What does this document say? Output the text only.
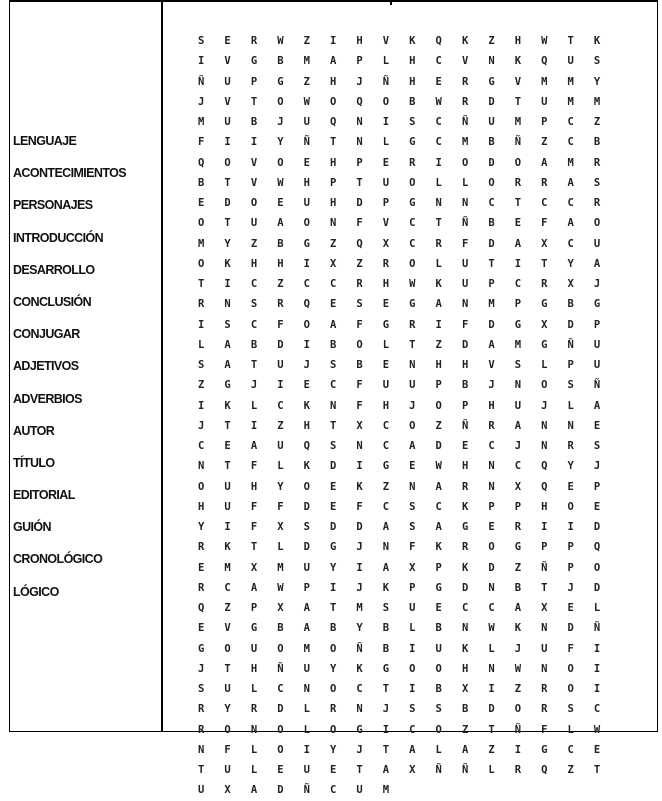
LENGUAJE
ACONTECIMIENTOS
PERSONAJES
INTRODUCCIÓN
DESARROLLO
CONCLUSIÓN
CONJUGAR
ADJETIVOS
ADVERBIOS
AUTOR
TÍTULO
EDITORIAL
GUIÓN
CRONOLÓGICO
LÓGICO
S	E	R	W	Z	I	H	V	K	Q	K	Z	H	W	T	K
I	V	G	B	M	A	P	L	H	C	V	N	K	Q	U	S
Ñ	U	P	G	Z	H	J	Ñ	H	E	R	G	V	M	M	Y
J	V	T	O	W	O	Q	O	B	W	R	D	T	U	M	M
M	U	B	J	U	Q	N	I	S	C	Ñ	U	M	P	C	Z
F	I	I	Y	Ñ	T	N	L	G	C	M	B	Ñ	Z	C	B
Q	O	V	O	E	H	P	E	R	I	O	D	O	A	M	R
B	T	V	W	H	P	T	U	O	L	L	O	R	R	A	S
E	D	O	E	U	H	D	P	G	N	N	C	T	C	C	R
O	T	U	A	O	N	F	V	C	T	Ñ	B	E	F	A	O
M	Y	Z	B	G	Z	Q	X	C	R	F	D	A	X	C	U
O	K	H	H	I	X	Z	R	O	L	U	T	I	T	Y	A
T	I	C	Z	C	C	R	H	W	K	U	P	C	R	X	J
R	N	S	R	Q	E	S	E	G	A	N	M	P	G	B	G
I	S	C	F	O	A	F	G	R	I	F	D	G	X	D	P
L	A	B	D	I	B	O	L	T	Z	D	A	M	G	Ñ	U
S	A	T	U	J	S	B	E	N	H	H	V	S	L	P	U
Z	G	J	I	E	C	F	U	U	P	B	J	N	O	S	Ñ
I	K	L	C	K	N	F	H	J	O	P	H	U	J	L	A
J	T	I	Z	H	T	X	C	O	Z	Ñ	R	A	N	N	E
C	E	A	U	Q	S	N	C	A	D	E	C	J	N	R	S
N	T	F	L	K	D	I	G	E	W	H	N	C	Q	Y	J
O	U	H	Y	O	E	K	Z	N	A	R	N	X	Q	E	P
H	U	F	F	D	E	F	C	S	C	K	P	P	H	O	E
Y	I	F	X	S	D	D	A	S	A	G	E	R	I	I	D
R	K	T	L	D	G	J	N	F	K	R	O	G	P	P	Q
E	M	X	M	U	Y	I	A	X	P	K	D	Z	Ñ	P	O
R	C	A	W	P	I	J	K	P	G	D	N	B	T	J	D
Q	Z	P	X	A	T	M	S	U	E	C	C	A	X	E	L
E	V	G	B	A	B	Y	B	L	B	N	W	K	N	D	Ñ
G	O	U	O	M	O	Ñ	B	I	U	K	L	J	U	F	I
J	T	H	Ñ	U	Y	K	G	O	O	H	N	W	N	O	I
S	U	L	C	N	O	C	T	I	B	X	I	Z	R	O	I
R	Y	R	D	L	R	N	J	S	S	B	D	O	R	S	C
R	O	N	O	L	O	G	I	C	O	Z	T	Ñ	F	L	W
N	F	L	O	I	Y	J	T	A	L	A	Z	I	G	C	E
T	U	L	E	U	E	T	A	X	Ñ	Ñ	L	R	Q	Z	T
U	X	A	D	Ñ	C	U	M
